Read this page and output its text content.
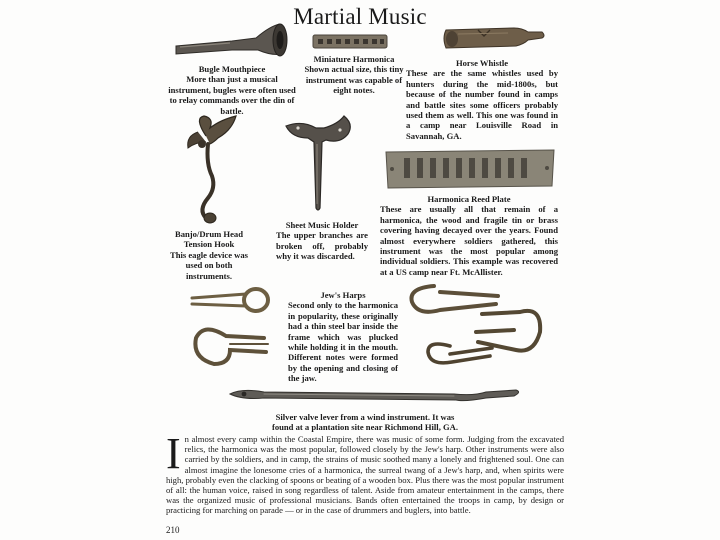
Martial Music
Bugle Mouthpiece
More than just a musical instrument, bugles were often used to relay commands over the din of battle.
Miniature Harmonica
Shown actual size, this tiny instrument was capable of eight notes.
Horse Whistle
These are the same whistles used by hunters during the mid-1800s, but because of the number found in camps and battle sites some officers probably used them as well. This one was found in a camp near Louisville Road in Savannah, GA.
Banjo/Drum Head Tension Hook
This eagle device was used on both instruments.
Sheet Music Holder
The upper branches are broken off, probably why it was discarded.
Harmonica Reed Plate
These are usually all that remain of a harmonica, the wood and fragile tin or brass covering having decayed over the years. Found almost everywhere soldiers gathered, this instrument was the most popular among individual soldiers. This example was recovered at a US camp near Ft. McAllister.
Jew's Harps
Second only to the harmonica in popularity, these originally had a thin steel bar inside the frame which was plucked while holding it in the mouth. Different notes were formed by the opening and closing of the jaw.
Silver valve lever from a wind instrument. It was found at a plantation site near Richmond Hill, GA.
I n almost every camp within the Coastal Empire, there was music of some form. Judging from the excavated relics, the harmonica was the most popular, followed closely by the Jew's harp. Other instruments were also carried by the soldiers, and in camp, the strains of music soothed many a lonely and frightened soul. One can almost imagine the lonesome cries of a harmonica, the surreal twang of a Jew's harp, and, when spirits were high, probably even the clacking of spoons or beating of a wooden box. Plus there was the most popular instrument of all: the human voice, raised in song regardless of talent. Aside from amateur entertainment in the camps, there was the organized music of professional musicians. Bands often entertained the troops in camp, by design or practicing for marching on parade — or in the case of drummers and buglers, into battle.
210
